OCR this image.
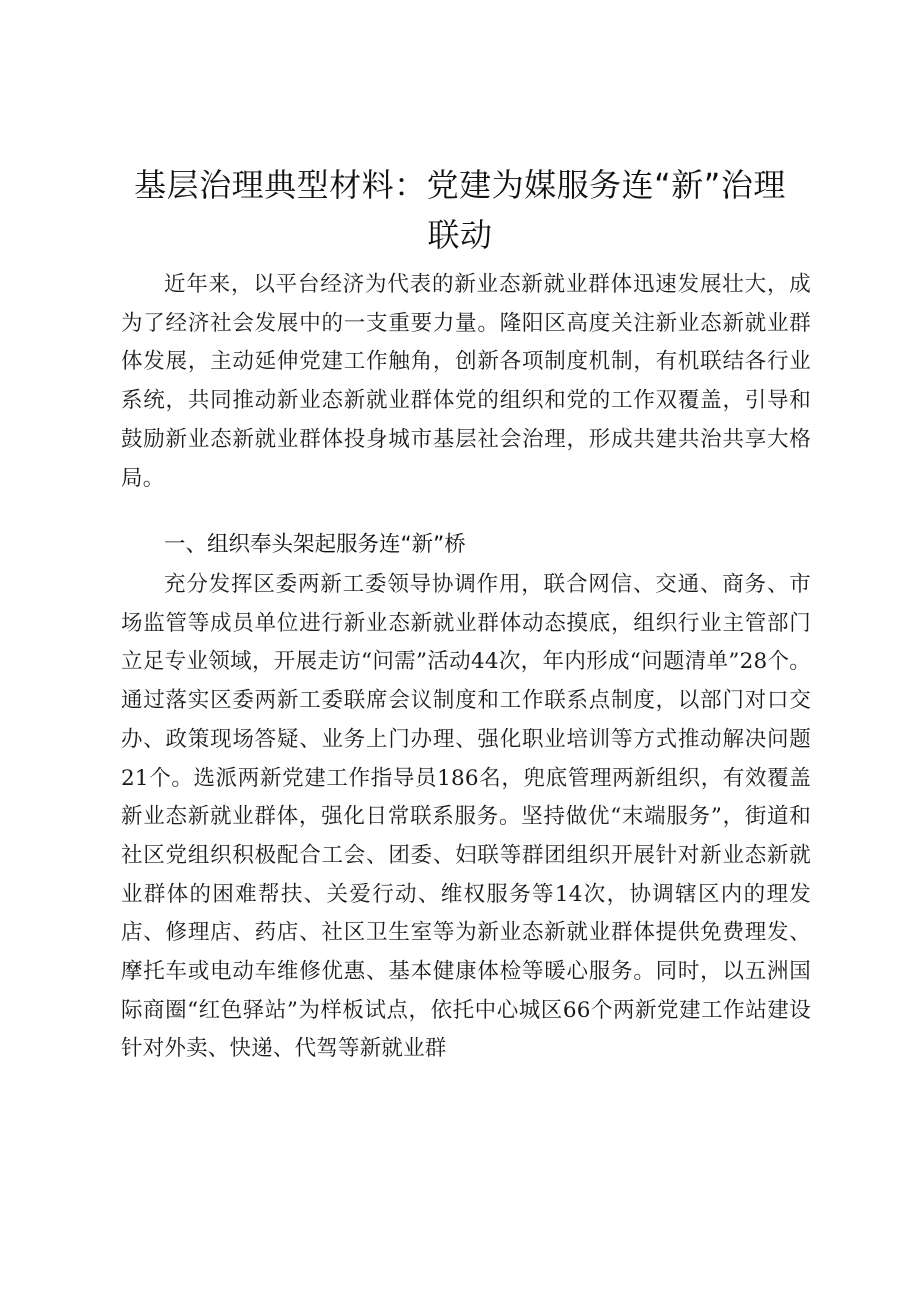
基层治理典型材料：党建为媒服务连“新”治理联动

近年来，以平台经济为代表的新业态新就业群体迅速发展壮大，成为了经济社会发展中的一支重要力量。隆阳区高度关注新业态新就业群体发展，主动延伸党建工作触角，创新各项制度机制，有机联结各行业系统，共同推动新业态新就业群体党的组织和党的工作双覆盖，引导和鼓励新业态新就业群体投身城市基层社会治理，形成共建共治共享大格局。

一、组织奉头架起服务连“新”桥

充分发挥区委两新工委领导协调作用，联合网信、交通、商务、市场监管等成员单位进行新业态新就业群体动态摸底，组织行业主管部门立足专业领域，开展走访“问需”活动44次，年内形成“问题清单”28个。通过落实区委两新工委联席会议制度和工作联系点制度，以部门对口交办、政策现场答疑、业务上门办理、强化职业培训等方式推动解决问题21个。选派两新党建工作指导员186名，兜底管理两新组织，有效覆盖新业态新就业群体，强化日常联系服务。坚持做优“末端服务”，街道和社区党组织积极配合工会、团委、妇联等群团组织开展针对新业态新就业群体的困难帮扶、关爱行动、维权服务等14次，协调辖区内的理发店、修理店、药店、社区卫生室等为新业态新就业群体提供免费理发、摩托车或电动车维修优惠、基本健康体检等暖心服务。同时，以五洲国际商圈“红色驿站”为样板试点，依托中心城区66个两新党建工作站建设针对外卖、快递、代驾等新就业群
